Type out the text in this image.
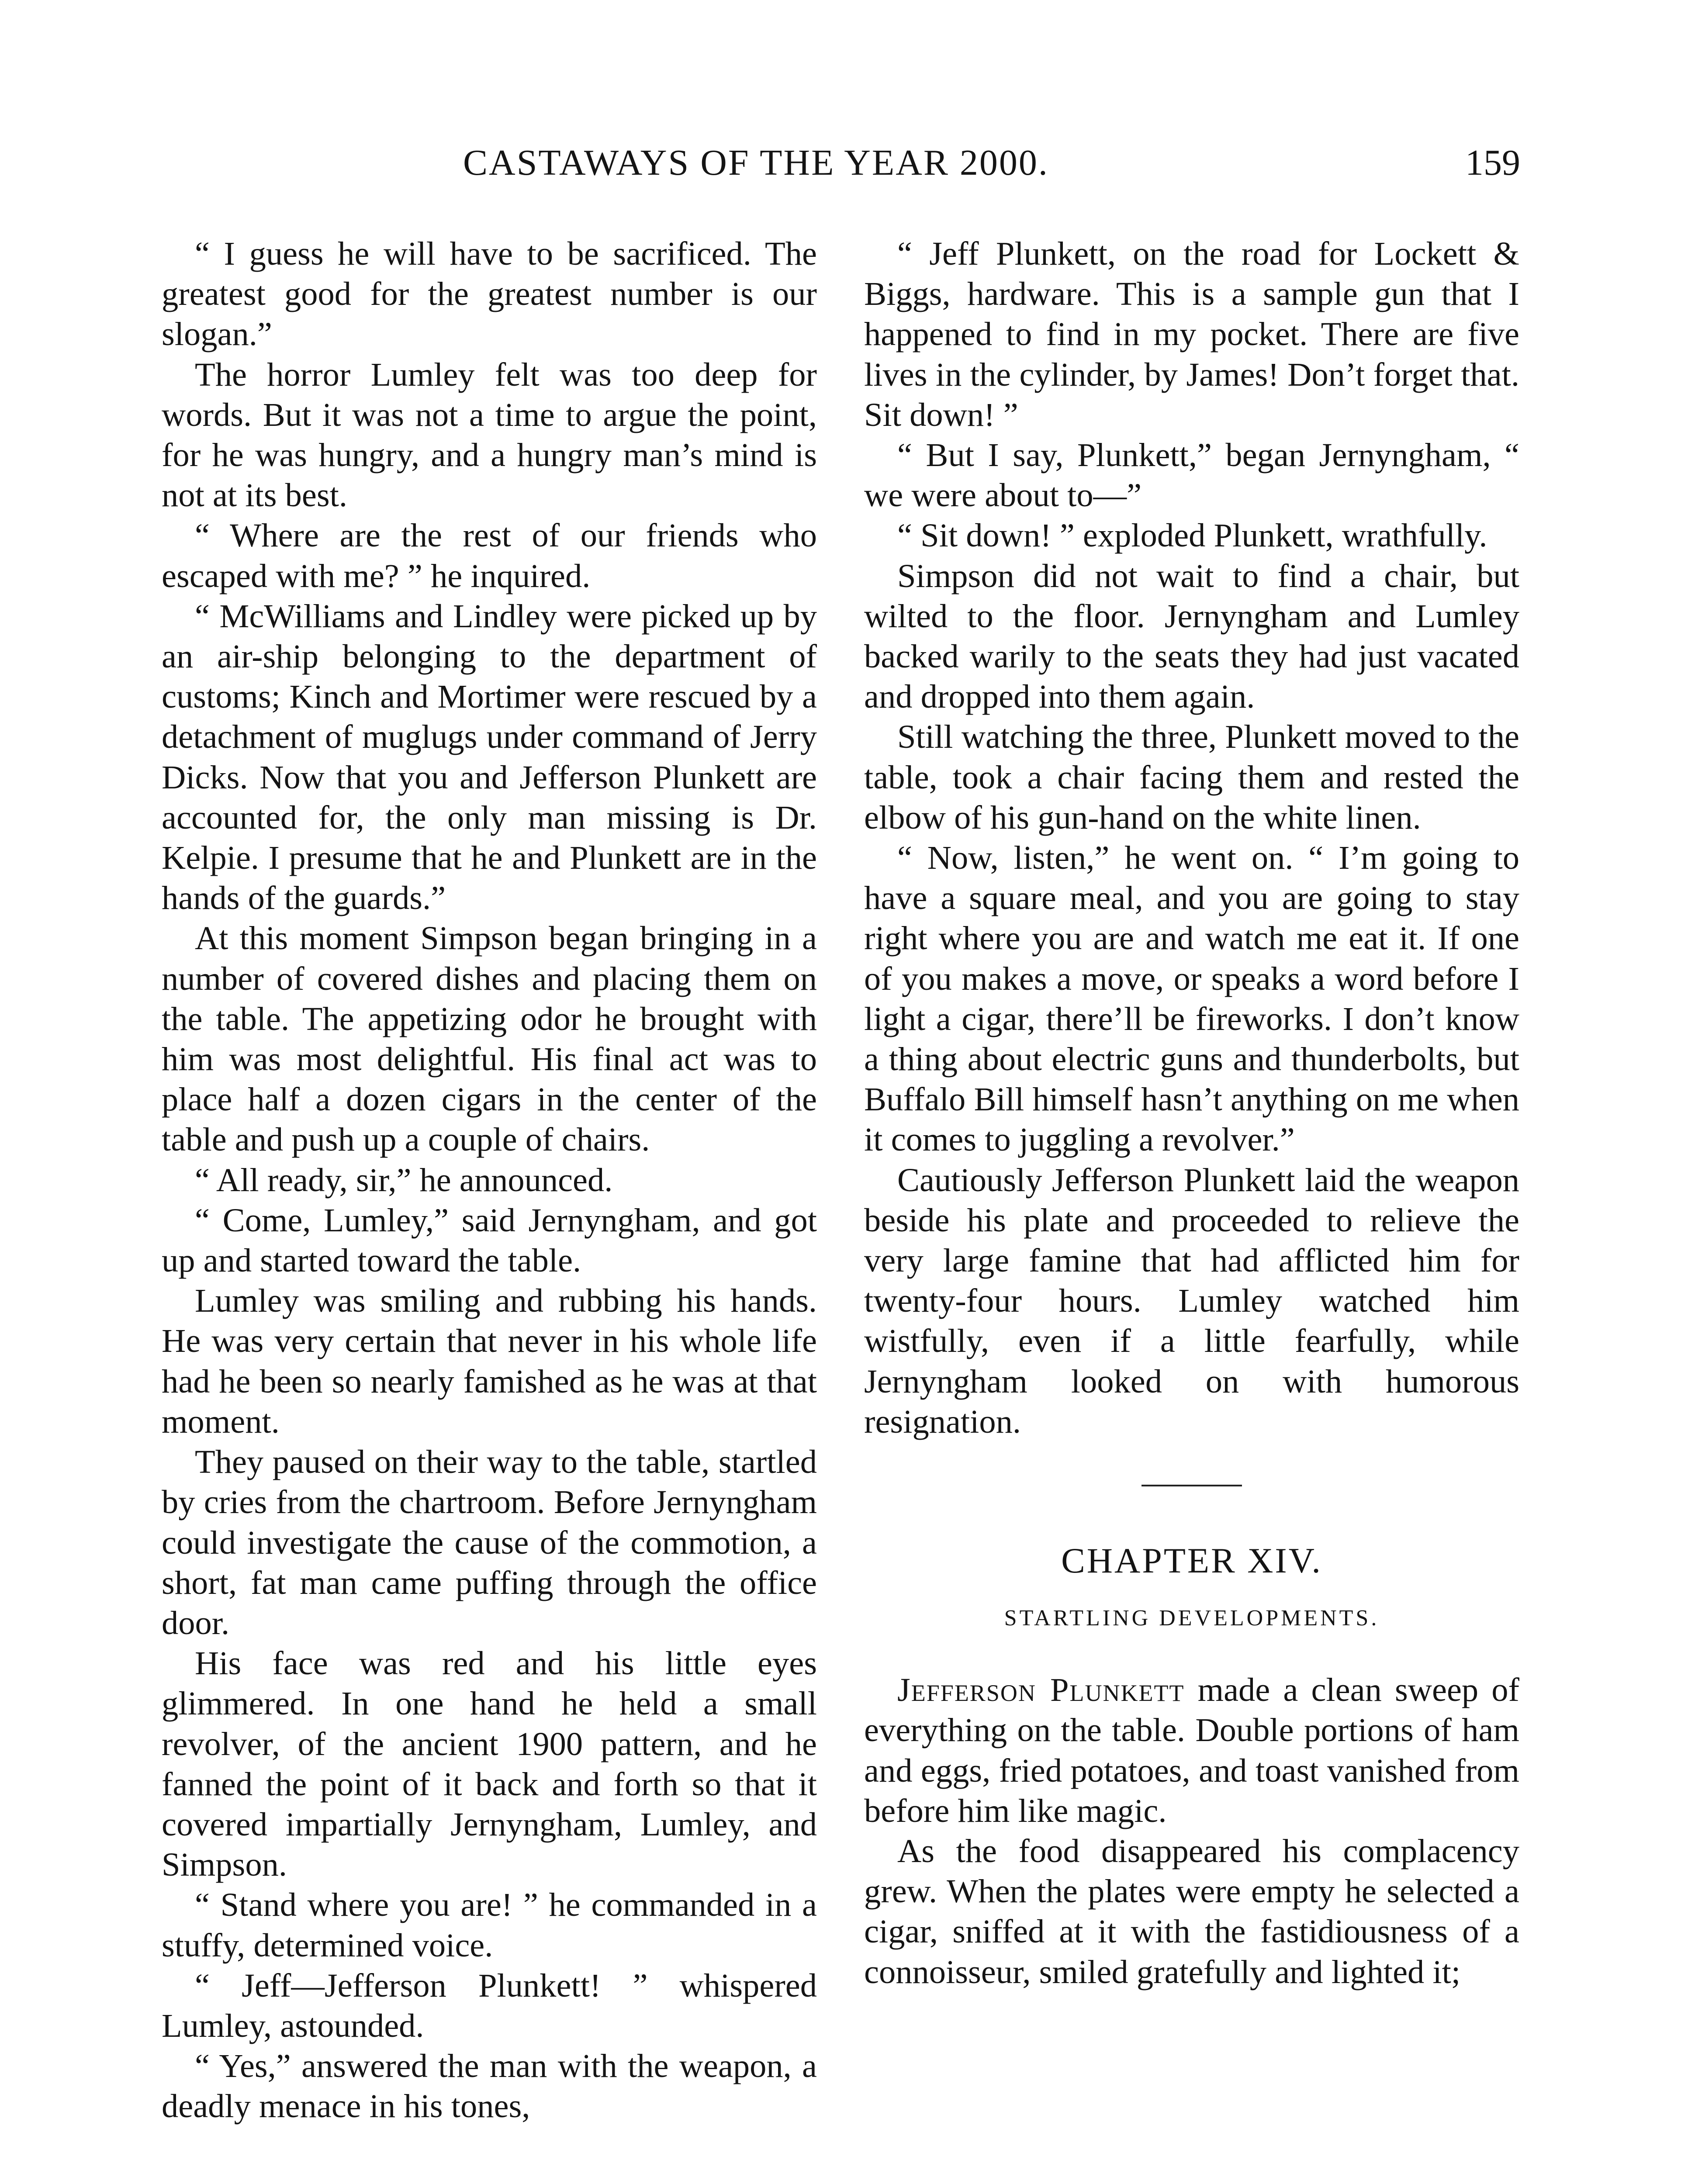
CASTAWAYS OF THE YEAR 2000.	159

“ I guess he will have to be sacrificed. The greatest good for the greatest number is our slogan.”

The horror Lumley felt was too deep for words. But it was not a time to argue the point, for he was hungry, and a hungry man’s mind is not at its best.

“ Where are the rest of our friends who escaped with me? ” he inquired.

“ McWilliams and Lindley were picked up by an air-ship belonging to the department of customs; Kinch and Mortimer were rescued by a detachment of muglugs under command of Jerry Dicks. Now that you and Jefferson Plunkett are accounted for, the only man missing is Dr. Kelpie. I presume that he and Plunkett are in the hands of the guards.”

At this moment Simpson began bringing in a number of covered dishes and placing them on the table. The appetizing odor he brought with him was most delightful. His final act was to place half a dozen cigars in the center of the table and push up a couple of chairs.

“ All ready, sir,” he announced.

“ Come, Lumley,” said Jernyngham, and got up and started toward the table.

Lumley was smiling and rubbing his hands. He was very certain that never in his whole life had he been so nearly famished as he was at that moment.

They paused on their way to the table, startled by cries from the chartroom. Before Jernyngham could investigate the cause of the commotion, a short, fat man came puffing through the office door.

His face was red and his little eyes glimmered. In one hand he held a small revolver, of the ancient 1900 pattern, and he fanned the point of it back and forth so that it covered impartially Jernyngham, Lumley, and Simpson.

“ Stand where you are! ” he commanded in a stuffy, determined voice.

“ Jeff—Jefferson Plunkett! ” whispered Lumley, astounded.

“ Yes,” answered the man with the weapon, a deadly menace in his tones,

“ Jeff Plunkett, on the road for Lockett & Biggs, hardware. This is a sample gun that I happened to find in my pocket. There are five lives in the cylinder, by James! Don’t forget that. Sit down! ”

“ But I say, Plunkett,” began Jernyngham, “ we were about to—”

“ Sit down! ” exploded Plunkett, wrathfully.

Simpson did not wait to find a chair, but wilted to the floor. Jernyngham and Lumley backed warily to the seats they had just vacated and dropped into them again.

Still watching the three, Plunkett moved to the table, took a chair facing them and rested the elbow of his gun-hand on the white linen.

“ Now, listen,” he went on. “ I’m going to have a square meal, and you are going to stay right where you are and watch me eat it. If one of you makes a move, or speaks a word before I light a cigar, there’ll be fireworks. I don’t know a thing about electric guns and thunderbolts, but Buffalo Bill himself hasn’t anything on me when it comes to juggling a revolver.”

Cautiously Jefferson Plunkett laid the weapon beside his plate and proceeded to relieve the very large famine that had afflicted him for twenty-four hours. Lumley watched him wistfully, even if a little fearfully, while Jernyngham looked on with humorous resignation.

CHAPTER XIV.
STARTLING DEVELOPMENTS.

Jefferson Plunkett made a clean sweep of everything on the table. Double portions of ham and eggs, fried potatoes, and toast vanished from before him like magic.

As the food disappeared his complacency grew. When the plates were empty he selected a cigar, sniffed at it with the fastidiousness of a connoisseur, smiled gratefully and lighted it;
